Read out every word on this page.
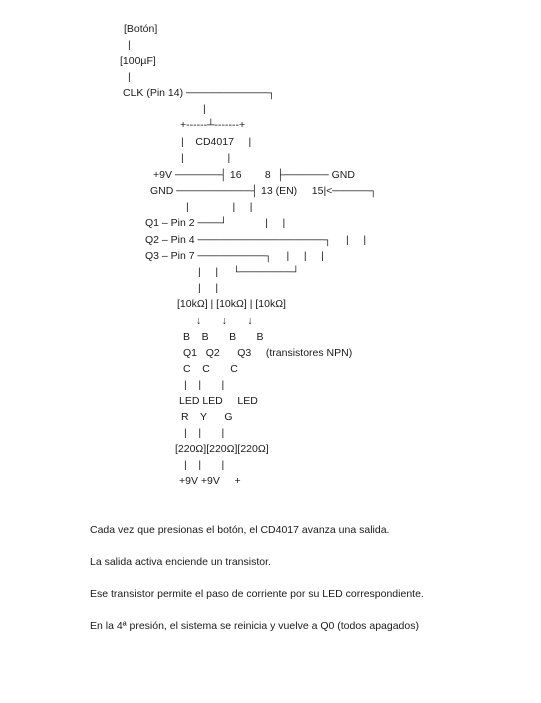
[Botón]
|
[100µF]
|
CLK (Pin 14) ───────────┐
|
+------┴-------+
|    CD4017     |
|               |
+9V ──────┤ 16        8  ├────── GND
GND ──────────┤ 13 (EN)     15|<─────┐
|               |     |
Q1 – Pin 2 ───┘             |     |
Q2 – Pin 4 ─────────────────┐     |     |
Q3 – Pin 7 ─────────┐     |     |     |
|     |     └───────┘
|     |
[10kΩ] | [10kΩ] | [10kΩ]
↓       ↓       ↓
B    B       B       B
Q1   Q2      Q3     (transistores NPN)
C    C       C
|    |       |
LED LED     LED
R    Y      G
|    |       |
[220Ω][220Ω][220Ω]
|    |       |
+9V +9V     +
Cada vez que presionas el botón, el CD4017 avanza una salida.
La salida activa enciende un transistor.
Ese transistor permite el paso de corriente por su LED correspondiente.
En la 4ª presión, el sistema se reinicia y vuelve a Q0 (todos apagados)
